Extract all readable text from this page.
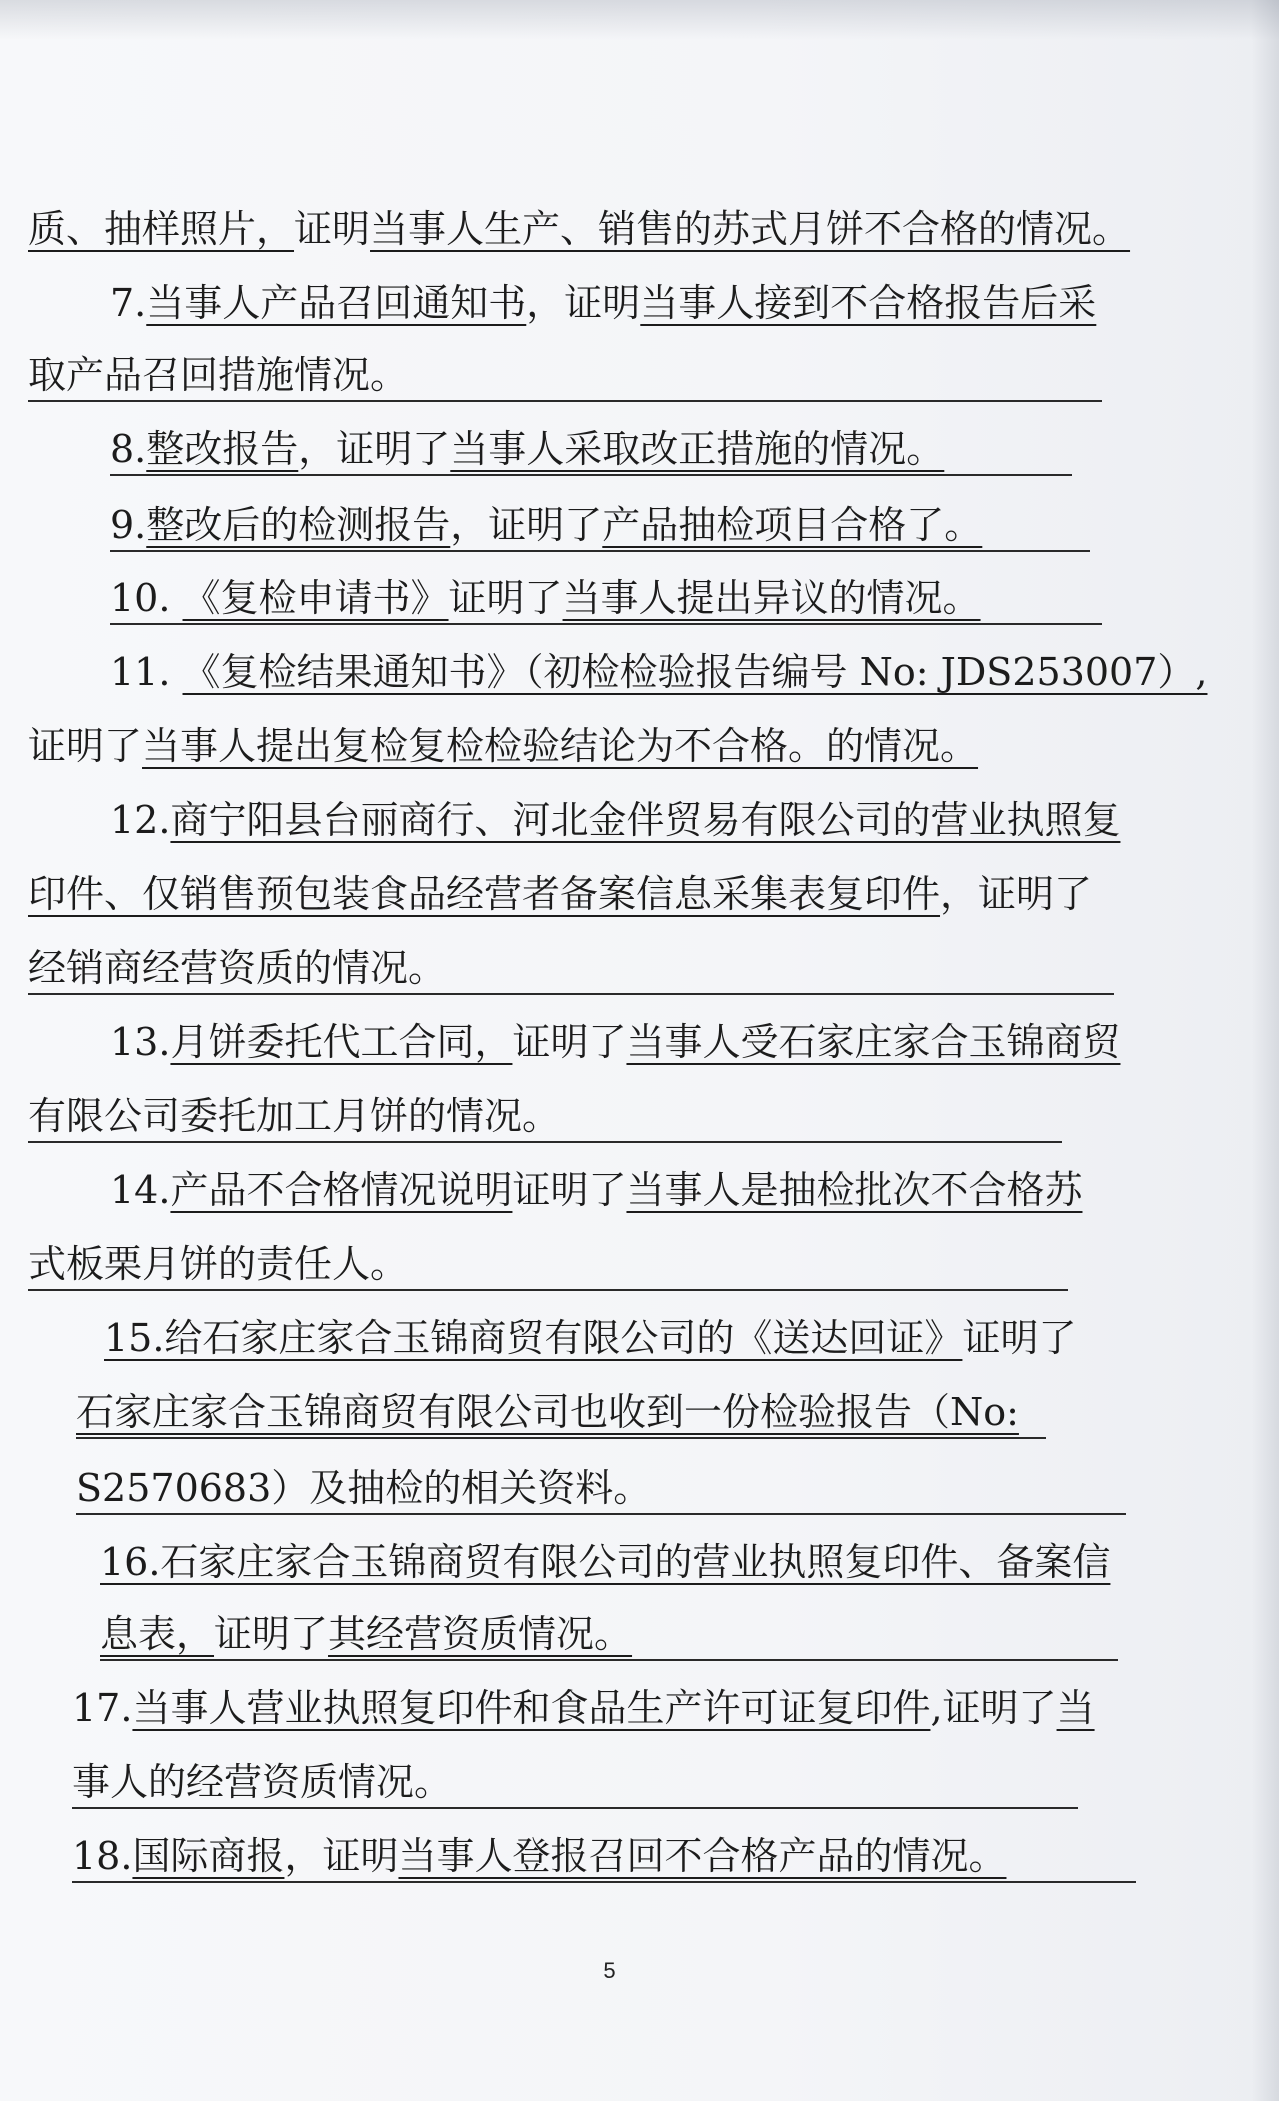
质、抽样照片，证明当事人生产、销售的苏式月饼不合格的情况。
7.当事人产品召回通知书，证明当事人接到不合格报告后采
取产品召回措施情况。
8.整改报告，证明了当事人采取改正措施的情况。
9.整改后的检测报告，证明了产品抽检项目合格了。
10. 《复检申请书》证明了当事人提出异议的情况。
11. 《复检结果通知书》（初检检验报告编号 No: JDS253007）,
证明了当事人提出复检复检检验结论为不合格。的情况。
12.商宁阳县台丽商行、河北金伴贸易有限公司的营业执照复
印件、仅销售预包装食品经营者备案信息采集表复印件，证明了
经销商经营资质的情况。
13.月饼委托代工合同，证明了当事人受石家庄家合玉锦商贸
有限公司委托加工月饼的情况。
14.产品不合格情况说明证明了当事人是抽检批次不合格苏
式板栗月饼的责任人。
15.给石家庄家合玉锦商贸有限公司的《送达回证》证明了
石家庄家合玉锦商贸有限公司也收到一份检验报告（No:
S2570683）及抽检的相关资料。
16.石家庄家合玉锦商贸有限公司的营业执照复印件、备案信
息表，证明了其经营资质情况。
17.当事人营业执照复印件和食品生产许可证复印件,证明了当
事人的经营资质情况。
18.国际商报，证明当事人登报召回不合格产品的情况。
5
